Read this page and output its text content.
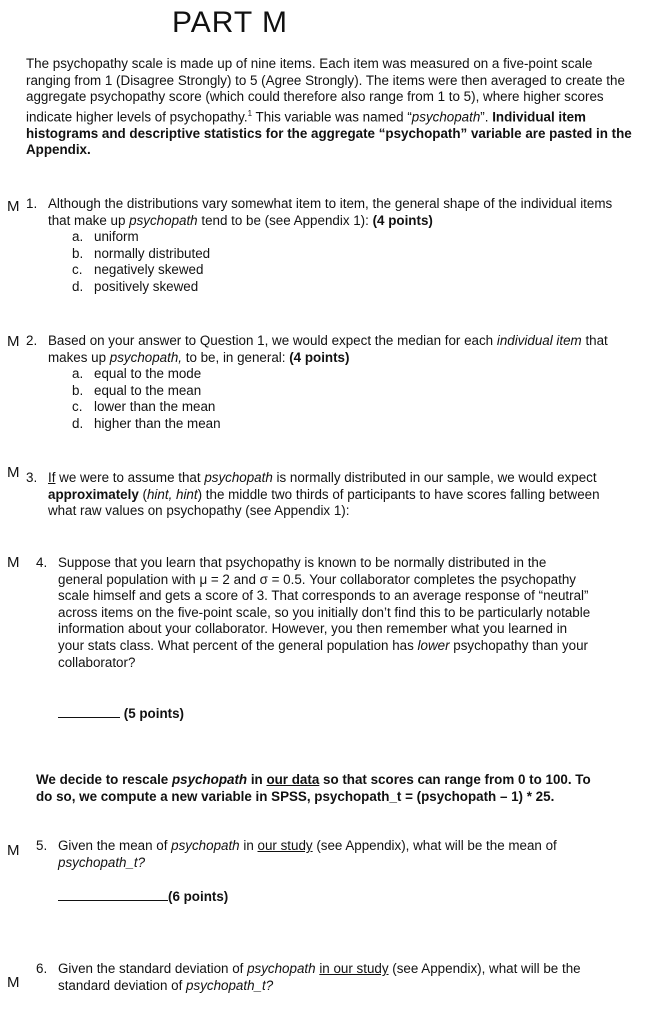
PART M
The psychopathy scale is made up of nine items. Each item was measured on a five-point scale ranging from 1 (Disagree Strongly) to 5 (Agree Strongly). The items were then averaged to create the aggregate psychopathy score (which could therefore also range from 1 to 5), where higher scores indicate higher levels of psychopathy.$^1$ This variable was named “psychopath”. Individual item histograms and descriptive statistics for the aggregate “psychopath” variable are pasted in the Appendix.
M 1. Although the distributions vary somewhat item to item, the general shape of the individual items that make up psychopath tend to be (see Appendix 1): (4 points)
a. uniform
b. normally distributed
c. negatively skewed
d. positively skewed
M 2. Based on your answer to Question 1, we would expect the median for each individual item that makes up psychopath, to be, in general: (4 points)
a. equal to the mode
b. equal to the mean
c. lower than the mean
d. higher than the mean
M 3. If we were to assume that psychopath is normally distributed in our sample, we would expect approximately (hint, hint) the middle two thirds of participants to have scores falling between what raw values on psychopathy (see Appendix 1):
M 4. Suppose that you learn that psychopathy is known to be normally distributed in the general population with μ = 2 and σ = 0.5. Your collaborator completes the psychopathy scale himself and gets a score of 3. That corresponds to an average response of “neutral” across items on the five-point scale, so you initially don’t find this to be particularly notable information about your collaborator. However, you then remember what you learned in your stats class. What percent of the general population has lower psychopathy than your collaborator?
(5 points)
We decide to rescale psychopath in our data so that scores can range from 0 to 100. To do so, we compute a new variable in SPSS, psychopath_t = (psychopath – 1) * 25.
M 5. Given the mean of psychopath in our study (see Appendix), what will be the mean of psychopath_t?
(6 points)
M
6. Given the standard deviation of psychopath in our study (see Appendix), what will be the standard deviation of psychopath_t?
